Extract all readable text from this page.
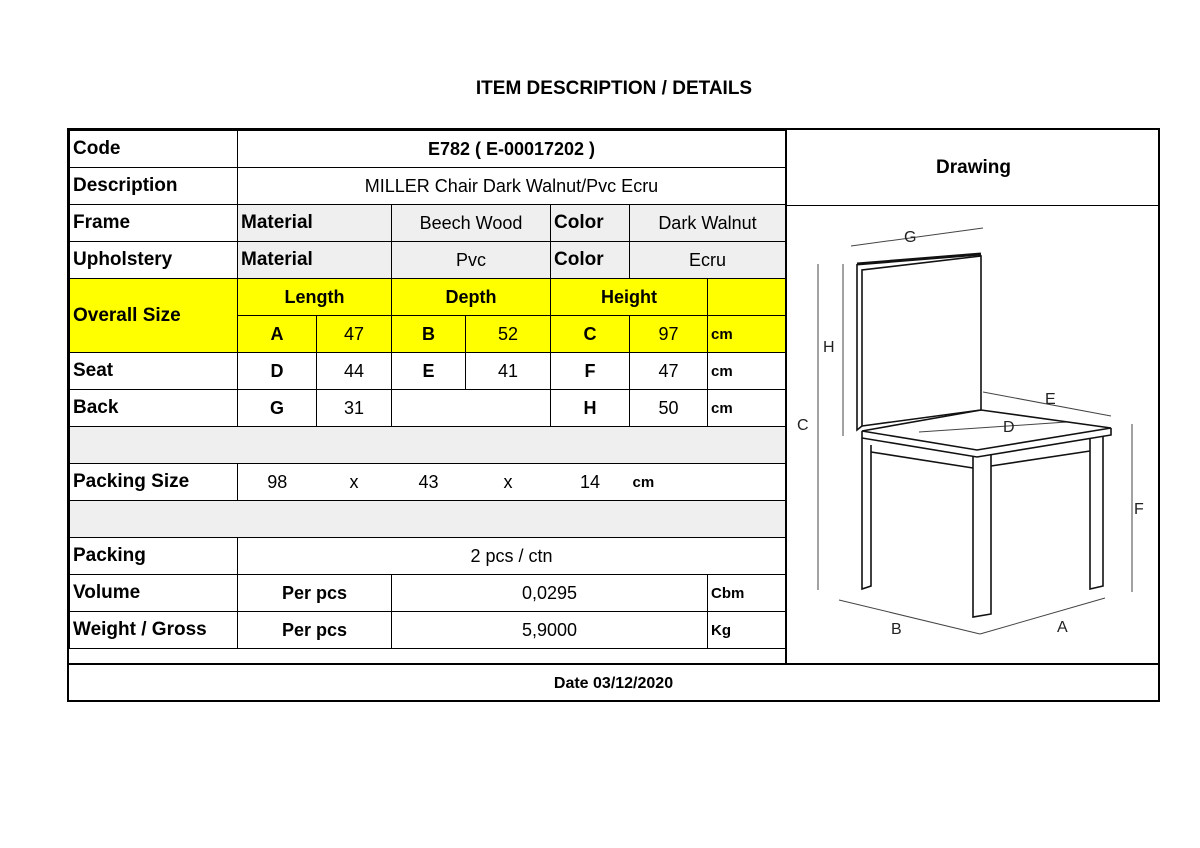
ITEM DESCRIPTION / DETAILS
Code	E782 ( E-00017202 )						
Description	MILLER Chair Dark Walnut/Pvc Ecru						
Frame	Material		Beech Wood		Color	Dark Walnut	
Upholstery	Material		Pvc		Color	Ecru	
Overall Size	Length		Depth		Height		
	A	47	B	52	C	97	cm
Seat	D	44	E	41	F	47	cm
Back	G	31			H	50	cm

Packing Size	98	x	43	x	14	cm	

Packing	2 pcs / ctn						
Volume	Per pcs		0,0295				Cbm
Weight / Gross	Per pcs		5,9000				Kg
Drawing
G
H
C
E
D
F
B	A
Date 03/12/2020
